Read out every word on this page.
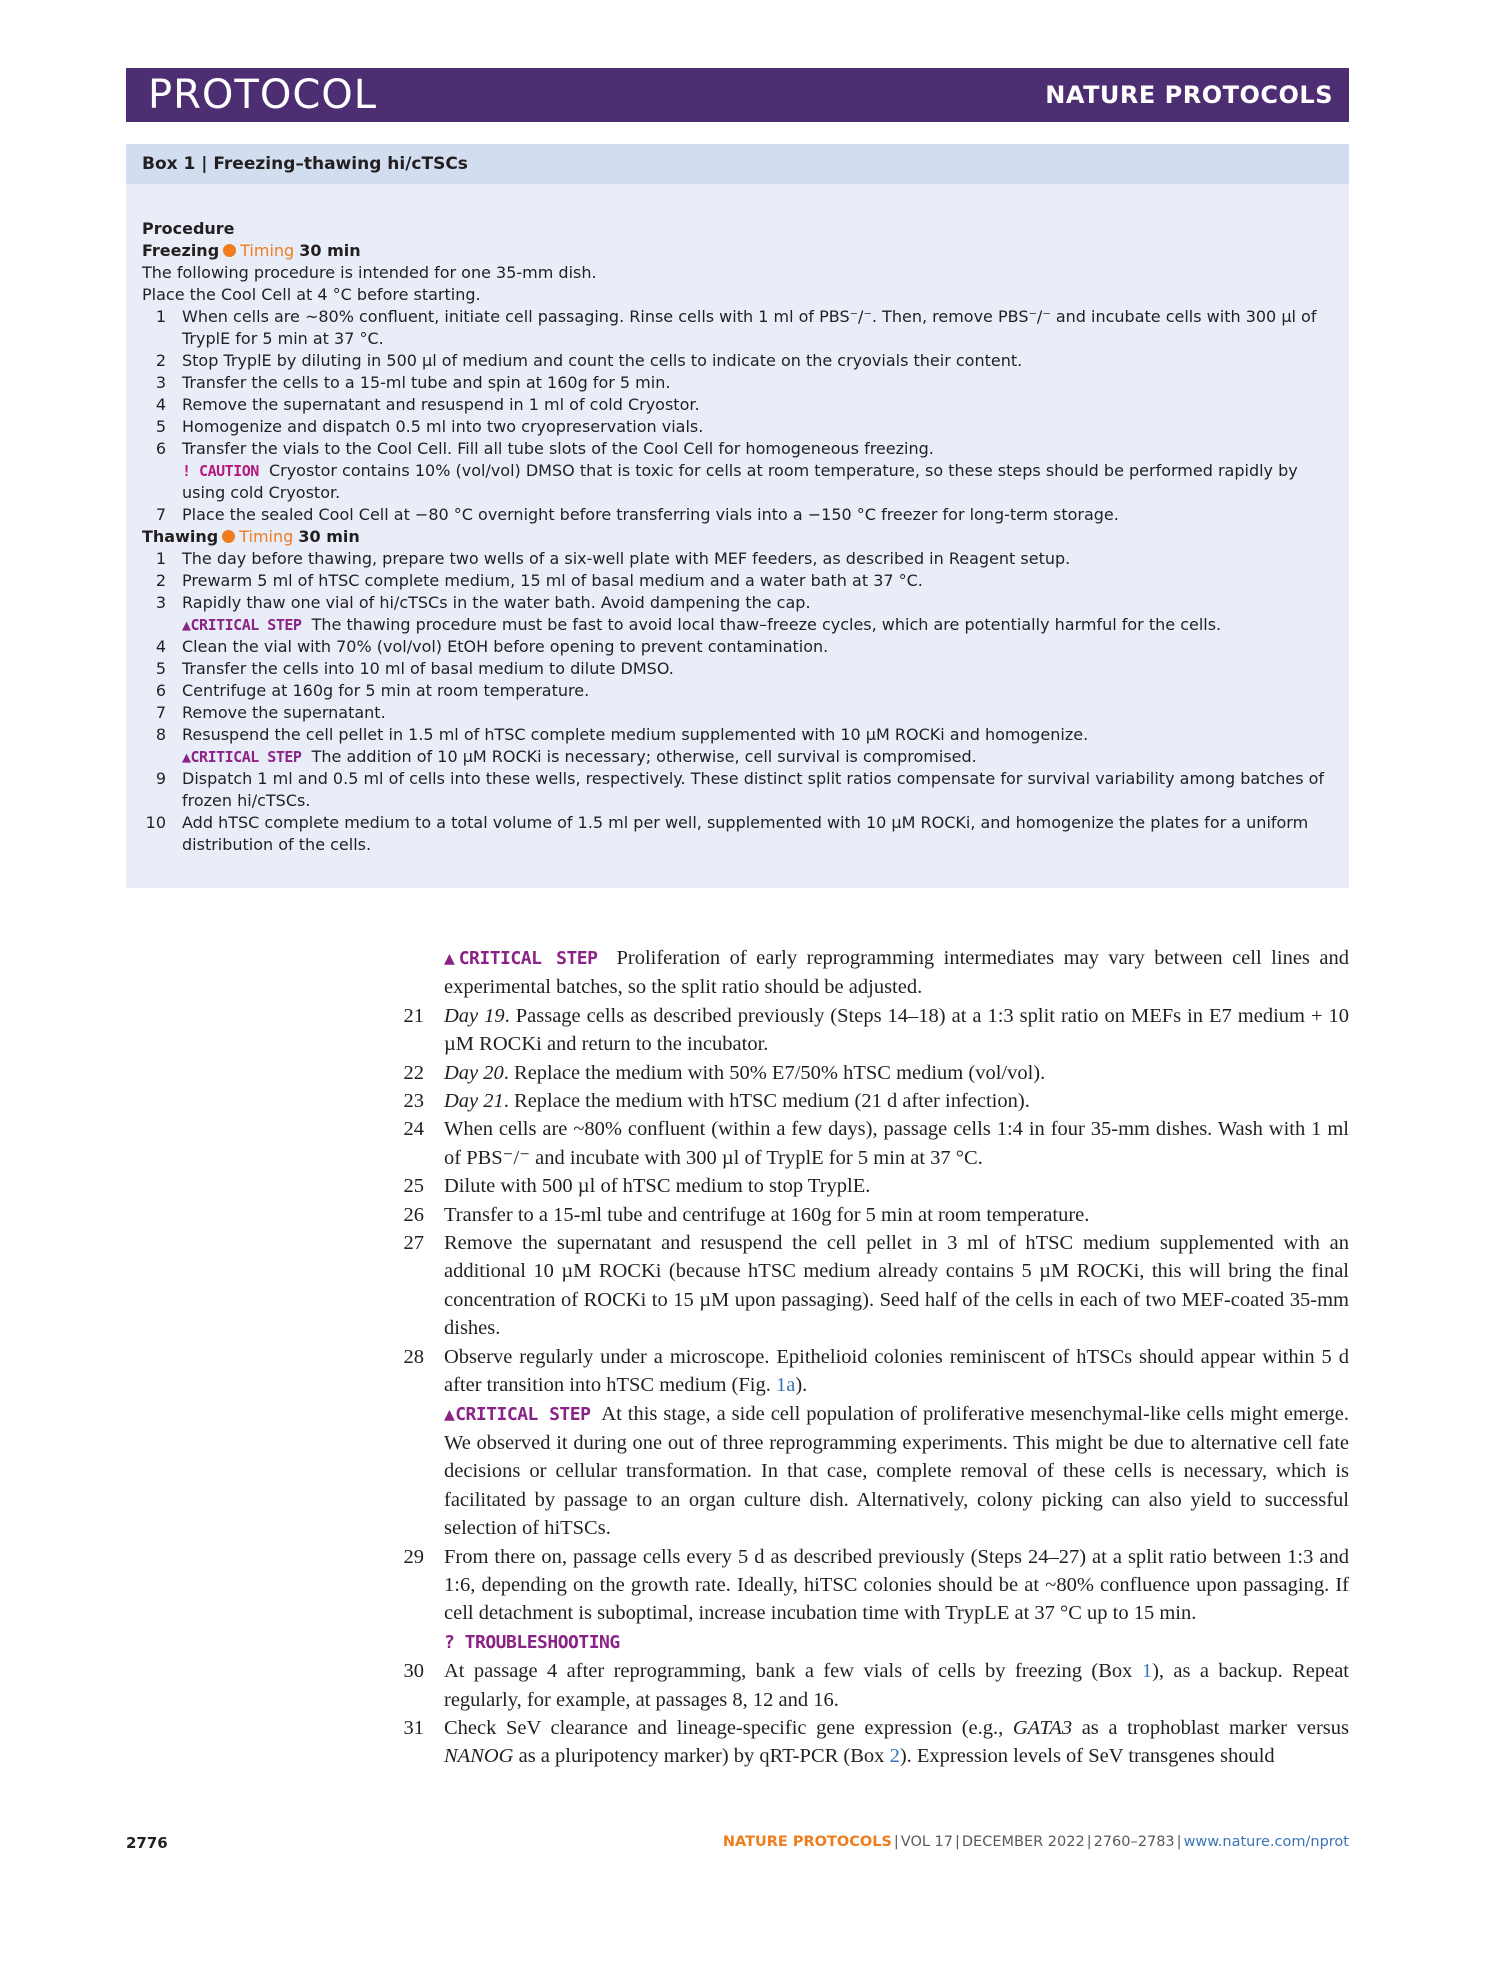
PROTOCOL	NATURE PROTOCOLS
Box 1 | Freezing–thawing hi/cTSCs
Procedure
Freezing Timing 30 min
The following procedure is intended for one 35-mm dish.
Place the Cool Cell at 4 °C before starting.
1	When cells are ~80% confluent, initiate cell passaging. Rinse cells with 1 ml of PBS⁻/⁻. Then, remove PBS⁻/⁻ and incubate cells with 300 µl of TryplE for 5 min at 37 °C.
2	Stop TryplE by diluting in 500 µl of medium and count the cells to indicate on the cryovials their content.
3	Transfer the cells to a 15-ml tube and spin at 160g for 5 min.
4	Remove the supernatant and resuspend in 1 ml of cold Cryostor.
5	Homogenize and dispatch 0.5 ml into two cryopreservation vials.
6	Transfer the vials to the Cool Cell. Fill all tube slots of the Cool Cell for homogeneous freezing.
! CAUTION Cryostor contains 10% (vol/vol) DMSO that is toxic for cells at room temperature, so these steps should be performed rapidly by using cold Cryostor.
7	Place the sealed Cool Cell at −80 °C overnight before transferring vials into a −150 °C freezer for long-term storage.
Thawing Timing 30 min
1	The day before thawing, prepare two wells of a six-well plate with MEF feeders, as described in Reagent setup.
2	Prewarm 5 ml of hTSC complete medium, 15 ml of basal medium and a water bath at 37 °C.
3	Rapidly thaw one vial of hi/cTSCs in the water bath. Avoid dampening the cap.
▲CRITICAL STEP The thawing procedure must be fast to avoid local thaw–freeze cycles, which are potentially harmful for the cells.
4	Clean the vial with 70% (vol/vol) EtOH before opening to prevent contamination.
5	Transfer the cells into 10 ml of basal medium to dilute DMSO.
6	Centrifuge at 160g for 5 min at room temperature.
7	Remove the supernatant.
8	Resuspend the cell pellet in 1.5 ml of hTSC complete medium supplemented with 10 µM ROCKi and homogenize.
▲CRITICAL STEP The addition of 10 µM ROCKi is necessary; otherwise, cell survival is compromised.
9	Dispatch 1 ml and 0.5 ml of cells into these wells, respectively. These distinct split ratios compensate for survival variability among batches of frozen hi/cTSCs.
10	Add hTSC complete medium to a total volume of 1.5 ml per well, supplemented with 10 µM ROCKi, and homogenize the plates for a uniform distribution of the cells.
▲CRITICAL STEP Proliferation of early reprogramming intermediates may vary between cell lines and experimental batches, so the split ratio should be adjusted.
21 Day 19. Passage cells as described previously (Steps 14–18) at a 1:3 split ratio on MEFs in E7 medium + 10 µM ROCKi and return to the incubator.
22 Day 20. Replace the medium with 50% E7/50% hTSC medium (vol/vol).
23 Day 21. Replace the medium with hTSC medium (21 d after infection).
24 When cells are ~80% confluent (within a few days), passage cells 1:4 in four 35-mm dishes. Wash with 1 ml of PBS⁻/⁻ and incubate with 300 µl of TryplE for 5 min at 37 °C.
25 Dilute with 500 µl of hTSC medium to stop TryplE.
26 Transfer to a 15-ml tube and centrifuge at 160g for 5 min at room temperature.
27 Remove the supernatant and resuspend the cell pellet in 3 ml of hTSC medium supplemented with an additional 10 µM ROCKi (because hTSC medium already contains 5 µM ROCKi, this will bring the final concentration of ROCKi to 15 µM upon passaging). Seed half of the cells in each of two MEF-coated 35-mm dishes.
28 Observe regularly under a microscope. Epithelioid colonies reminiscent of hTSCs should appear within 5 d after transition into hTSC medium (Fig. 1a).
▲CRITICAL STEP At this stage, a side cell population of proliferative mesenchymal-like cells might emerge. We observed it during one out of three reprogramming experiments. This might be due to alternative cell fate decisions or cellular transformation. In that case, complete removal of these cells is necessary, which is facilitated by passage to an organ culture dish. Alternatively, colony picking can also yield to successful selection of hiTSCs.
29 From there on, passage cells every 5 d as described previously (Steps 24–27) at a split ratio between 1:3 and 1:6, depending on the growth rate. Ideally, hiTSC colonies should be at ~80% confluence upon passaging. If cell detachment is suboptimal, increase incubation time with TrypLE at 37 °C up to 15 min.
? TROUBLESHOOTING
30 At passage 4 after reprogramming, bank a few vials of cells by freezing (Box 1), as a backup. Repeat regularly, for example, at passages 8, 12 and 16.
31 Check SeV clearance and lineage-specific gene expression (e.g., GATA3 as a trophoblast marker versus NANOG as a pluripotency marker) by qRT-PCR (Box 2). Expression levels of SeV transgenes should
2776	NATURE PROTOCOLS | VOL 17 | DECEMBER 2022 | 2760–2783 | www.nature.com/nprot
